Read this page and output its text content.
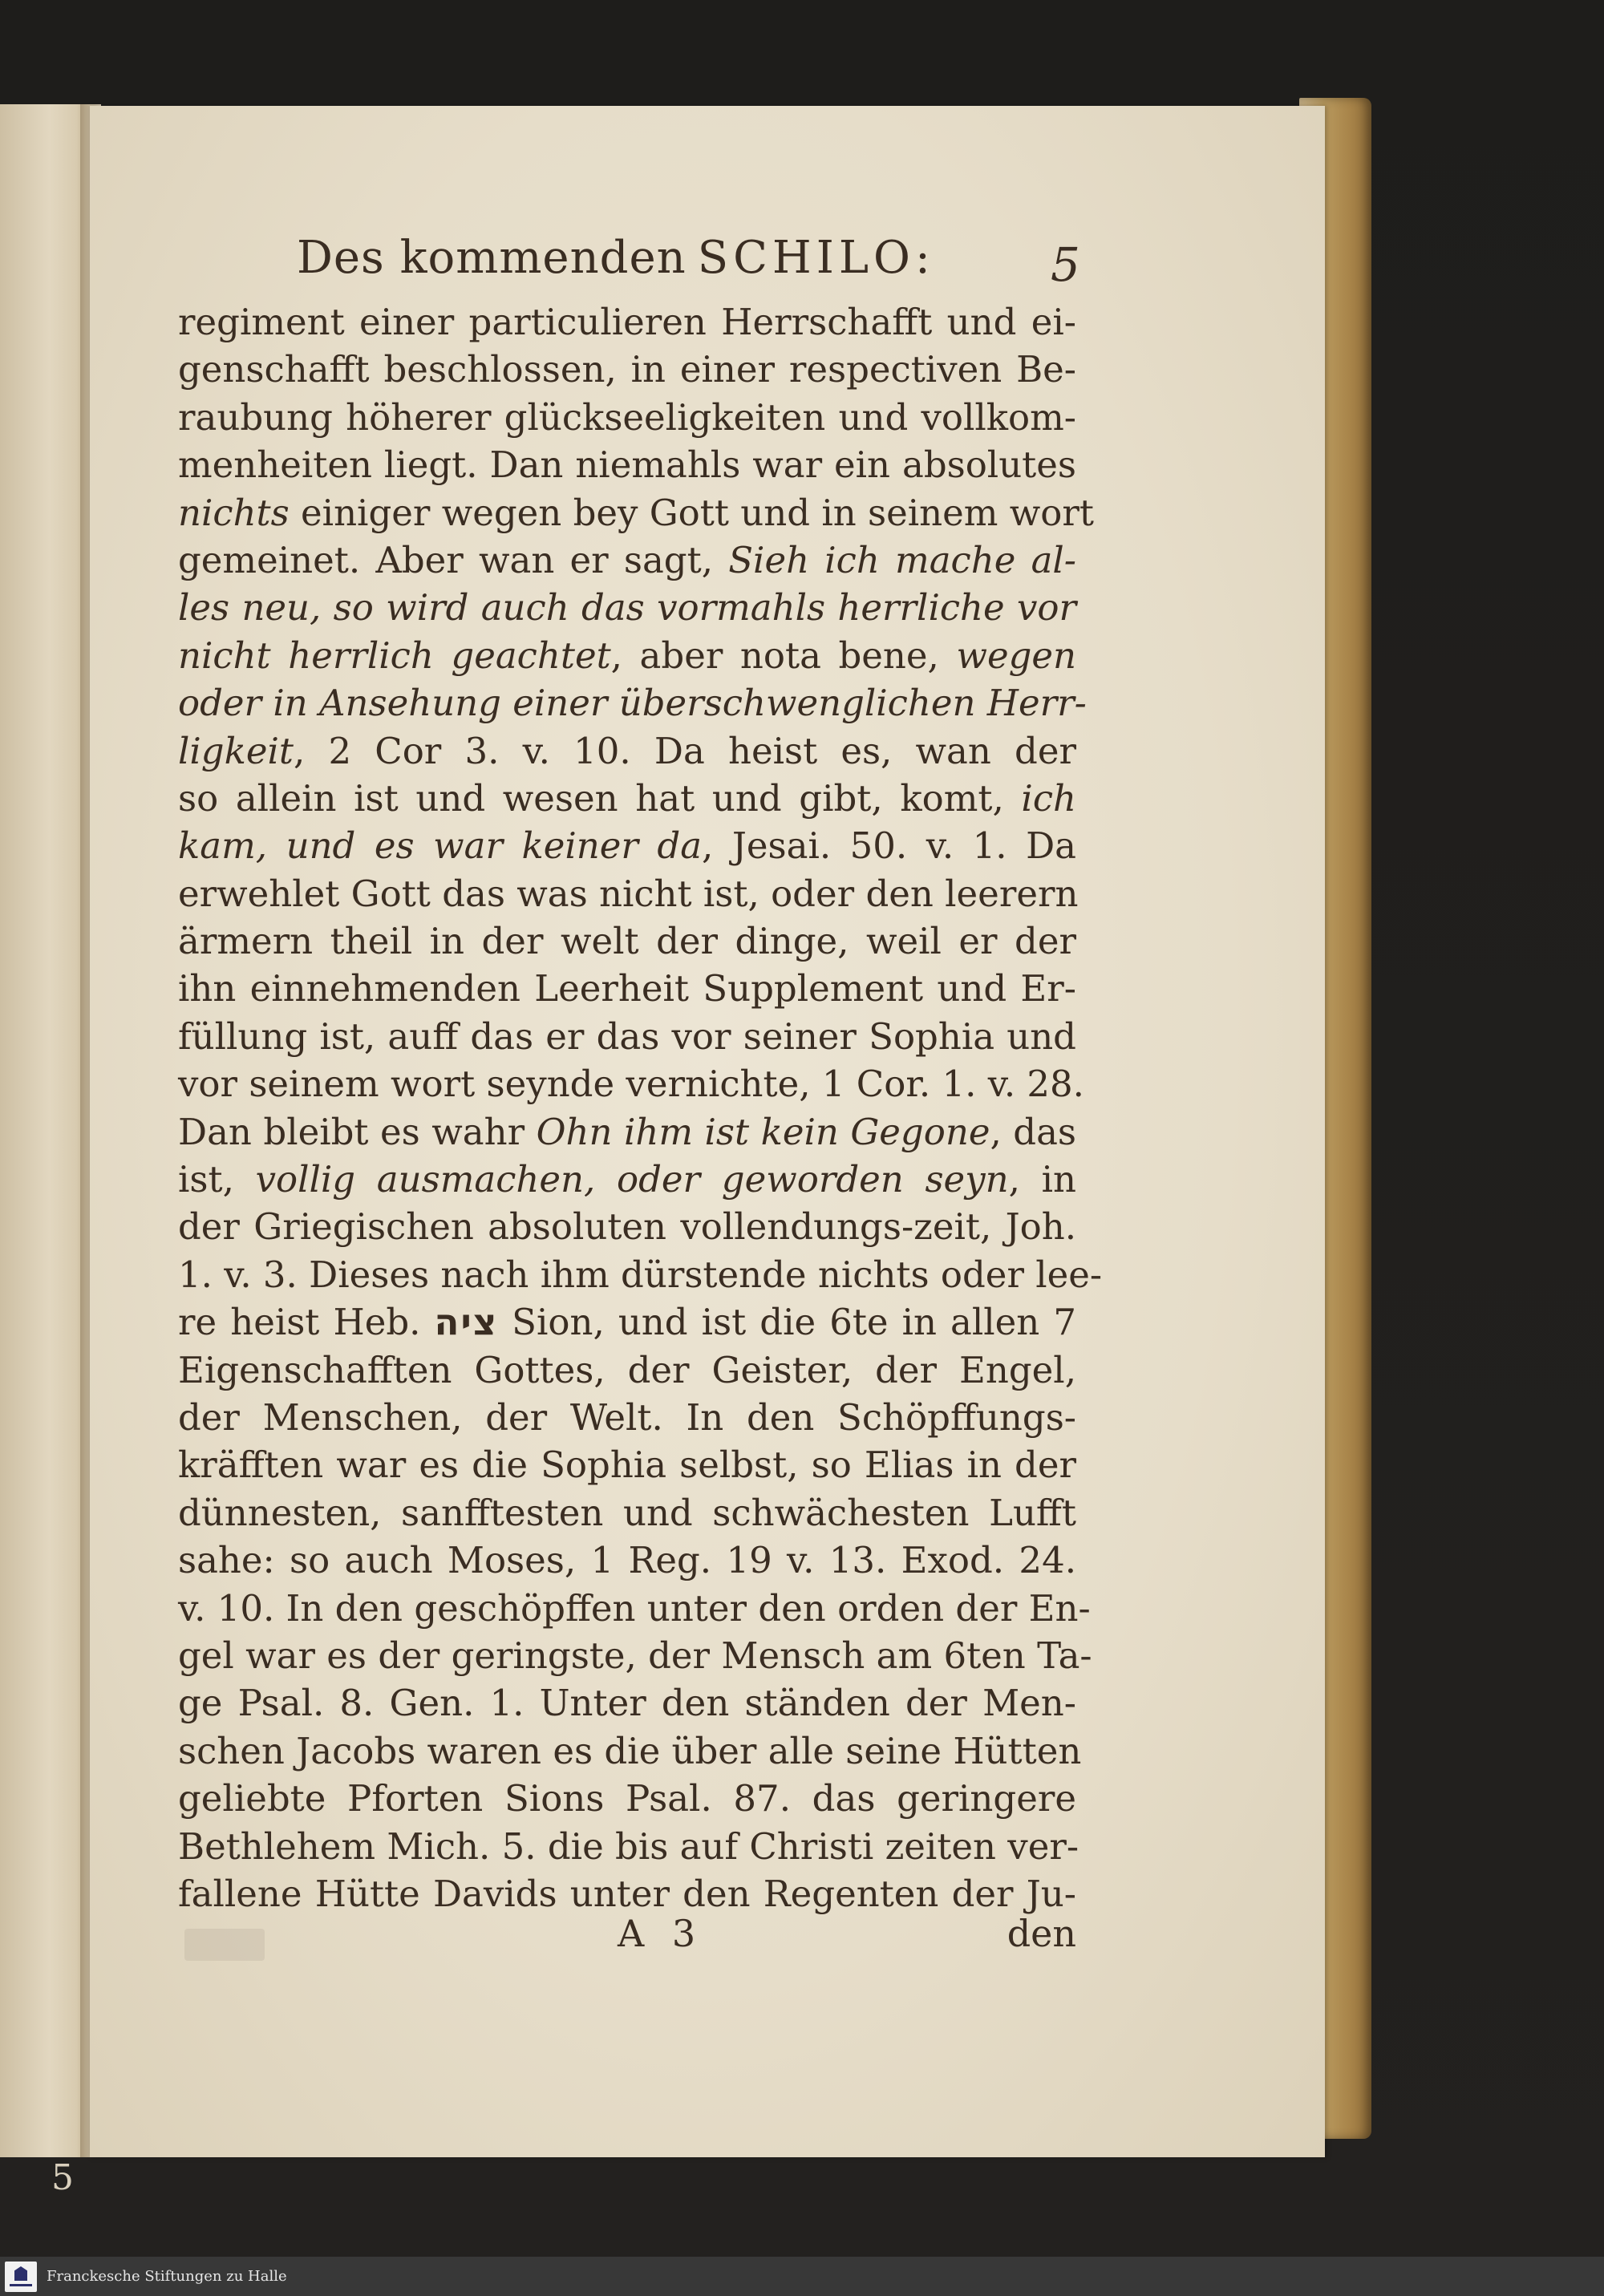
Des kommenden SCHILO:	5
regiment einer particulieren Herrschafft und ei-
genschafft beschlossen, in einer respectiven Be-
raubung höherer glückseeligkeiten und vollkom-
menheiten liegt. Dan niemahls war ein absolutes
nichts einiger wegen bey Gott und in seinem wort
gemeinet. Aber wan er sagt, Sieh ich mache al-
les neu, so wird auch das vormahls herrliche vor
nicht herrlich geachtet, aber nota bene, wegen
oder in Ansehung einer überschwenglichen Herr-
ligkeit, 2 Cor 3. v. 10. Da heist es, wan der
so allein ist und wesen hat und gibt, komt, ich
kam, und es war keiner da, Jesai. 50. v. 1. Da
erwehlet Gott das was nicht ist, oder den leerern
ärmern theil in der welt der dinge, weil er der
ihn einnehmenden Leerheit Supplement und Er-
füllung ist, auff das er das vor seiner Sophia und
vor seinem wort seynde vernichte, 1 Cor. 1. v. 28.
Dan bleibt es wahr Ohn ihm ist kein Gegone, das
ist, vollig ausmachen, oder geworden seyn, in
der Griegischen absoluten vollendungs-zeit, Joh.
1. v. 3. Dieses nach ihm dürstende nichts oder lee-
re heist Heb. ציה Sion, und ist die 6te in allen 7
Eigenschafften Gottes, der Geister, der Engel,
der Menschen, der Welt. In den Schöpffungs-
kräfften war es die Sophia selbst, so Elias in der
dünnesten, sanfftesten und schwächesten Lufft
sahe: so auch Moses, 1 Reg. 19 v. 13. Exod. 24.
v. 10. In den geschöpffen unter den orden der En-
gel war es der geringste, der Mensch am 6ten Ta-
ge Psal. 8. Gen. 1. Unter den ständen der Men-
schen Jacobs waren es die über alle seine Hütten
geliebte Pforten Sions Psal. 87. das geringere
Bethlehem Mich. 5. die bis auf Christi zeiten ver-
fallene Hütte Davids unter den Regenten der Ju-
A 3	den
5
Franckesche Stiftungen zu Halle
